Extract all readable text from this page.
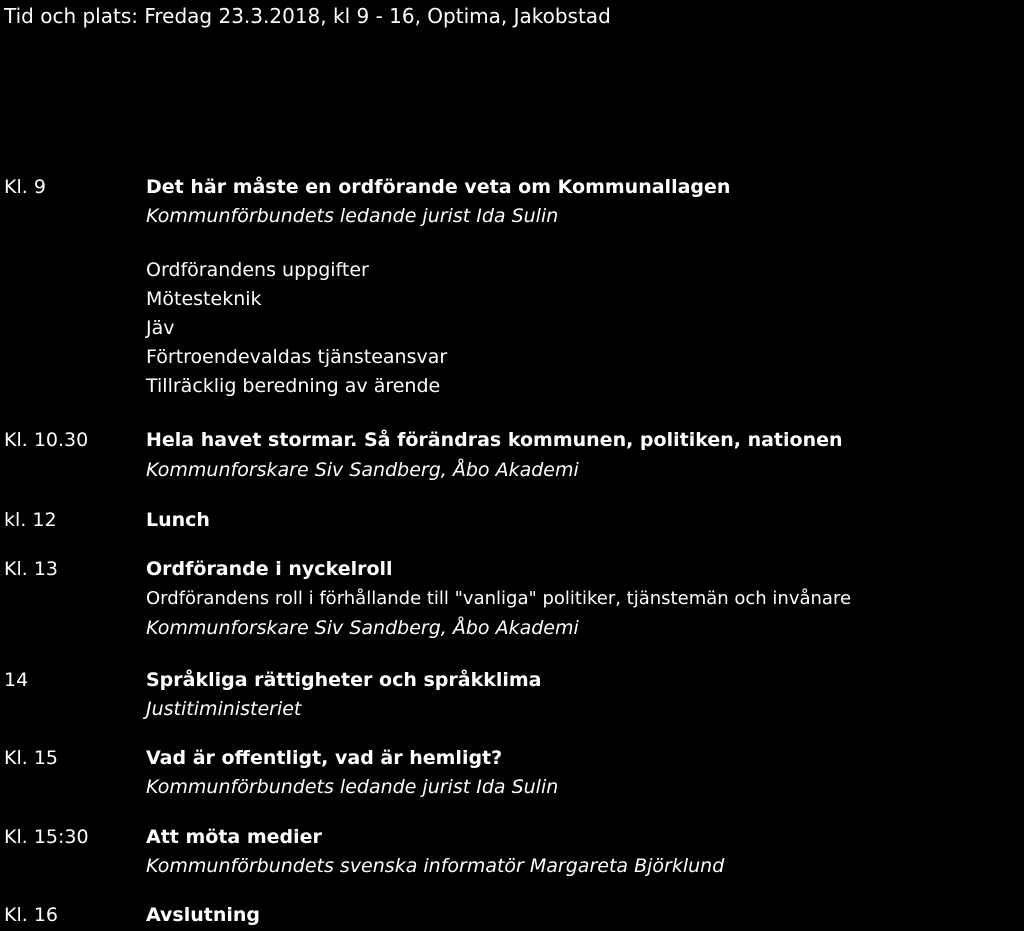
Tid och plats: Fredag 23.3.2018, kl 9 - 16, Optima, Jakobstad
Kl. 9	Det här måste en ordförande veta om Kommunallagen
Kommunförbundets ledande jurist Ida Sulin
Ordförandens uppgifter
Mötesteknik
Jäv
Förtroendevaldas tjänsteansvar
Tillräcklig beredning av ärende
Kl. 10.30	Hela havet stormar. Så förändras kommunen, politiken, nationen
Kommunforskare Siv Sandberg, Åbo Akademi
kl. 12	Lunch
Kl. 13	Ordförande i nyckelroll
Ordförandens roll i förhållande till "vanliga" politiker, tjänstemän och invånare
Kommunforskare Siv Sandberg, Åbo Akademi
14	Språkliga rättigheter och språkklima
Justitiministeriet
Kl. 15	Vad är offentligt, vad är hemligt?
Kommunförbundets ledande jurist Ida Sulin
Kl. 15:30	Att möta medier
Kommunförbundets svenska informatör Margareta Björklund
Kl. 16	Avslutning
